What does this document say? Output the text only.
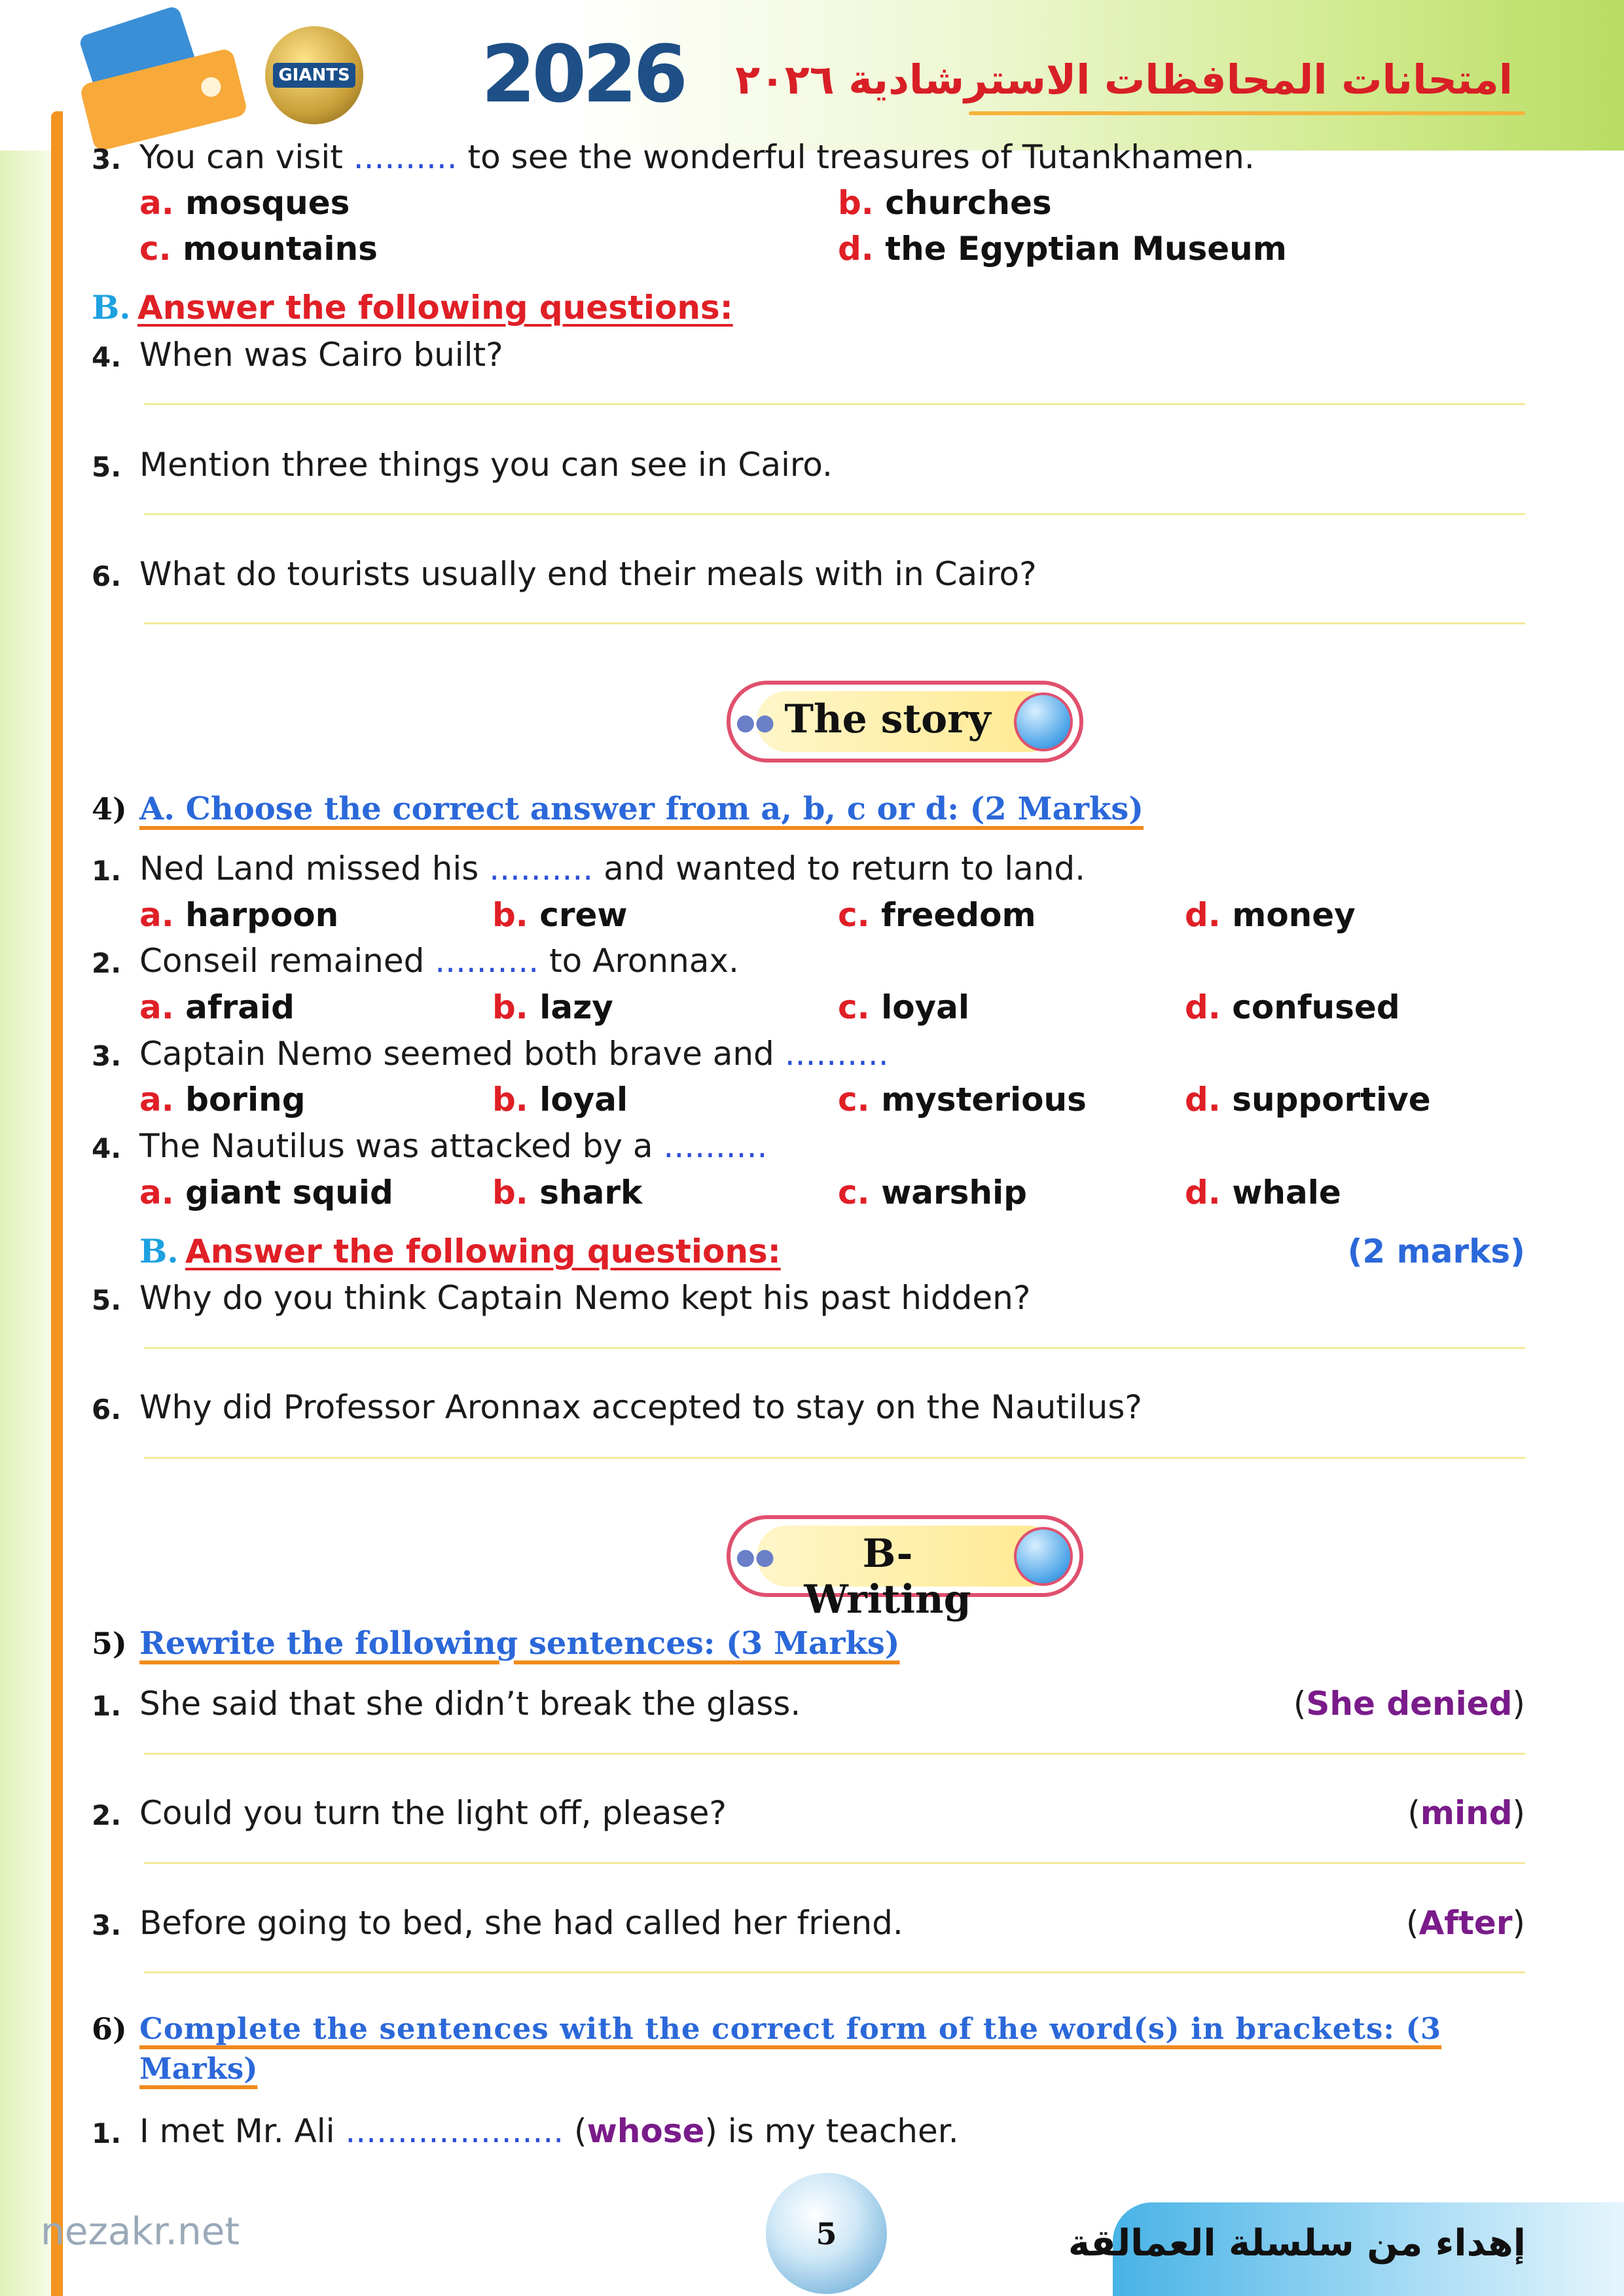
GIANTS 2026 امتحانات المحافظات الاسترشادية ٢٠٢٦
3. You can visit .......... to see the wonderful treasures of Tutankhamen.
a. mosques	b. churches
c. mountains	d. the Egyptian Museum
B. Answer the following questions:
4. When was Cairo built?
5. Mention three things you can see in Cairo.
6. What do tourists usually end their meals with in Cairo?
●● The story
4) A. Choose the correct answer from a, b, c or d: (2 Marks)
1. Ned Land missed his .......... and wanted to return to land.
a. harpoon	b. crew	c. freedom	d. money
2. Conseil remained .......... to Aronnax.
a. afraid	b. lazy	c. loyal	d. confused
3. Captain Nemo seemed both brave and ..........
a. boring	b. loyal	c. mysterious	d. supportive
4. The Nautilus was attacked by a ..........
a. giant squid	b. shark	c. warship	d. whale
B. Answer the following questions:	(2 marks)
5. Why do you think Captain Nemo kept his past hidden?
6. Why did Professor Aronnax accepted to stay on the Nautilus?
●●	B- Writing
5) Rewrite the following sentences: (3 Marks)
1. She said that she didn’t break the glass.	(She denied)
2. Could you turn the light off, please?	(mind)
3. Before going to bed, she had called her friend.	(After)
6) Complete the sentences with the correct form of the word(s) in brackets: (3
Marks)
1. I met Mr. Ali ..................... (whose) is my teacher.
nezakr.net	5	إهداء من سلسلة العمالقة
